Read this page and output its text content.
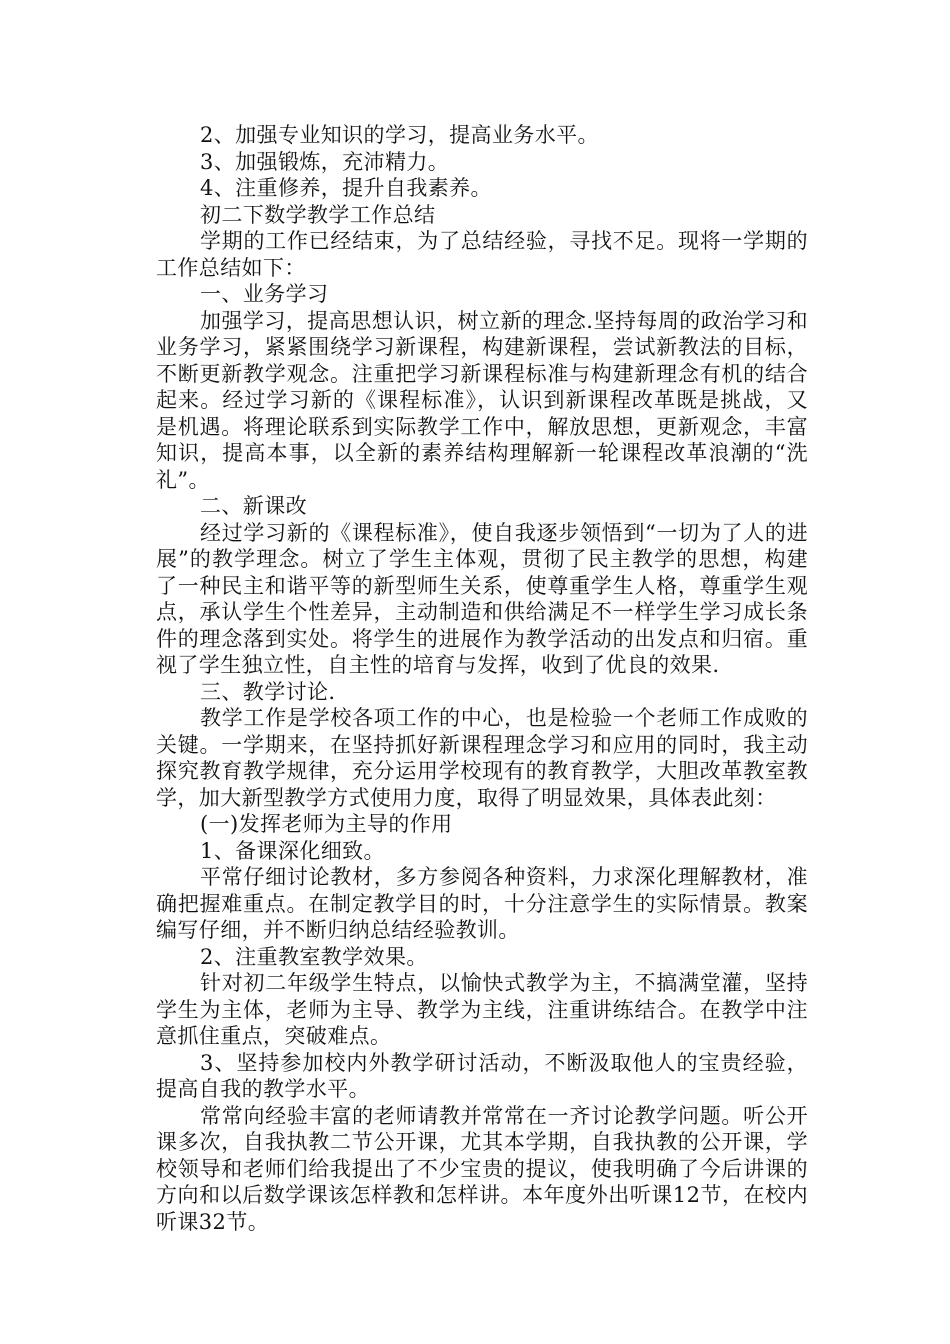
2、加强专业知识的学习，提高业务水平。

3、加强锻炼，充沛精力。

4、注重修养，提升自我素养。

初二下数学教学工作总结

学期的工作已经结束，为了总结经验，寻找不足。现将一学期的工作总结如下：

一、业务学习

加强学习，提高思想认识，树立新的理念.坚持每周的政治学习和业务学习，紧紧围绕学习新课程，构建新课程，尝试新教法的目标，不断更新教学观念。注重把学习新课程标准与构建新理念有机的结合起来。经过学习新的《课程标准》，认识到新课程改革既是挑战，又是机遇。将理论联系到实际教学工作中，解放思想，更新观念，丰富知识，提高本事，以全新的素养结构理解新一轮课程改革浪潮的“洗礼”。

二、新课改

经过学习新的《课程标准》，使自我逐步领悟到“一切为了人的进展”的教学理念。树立了学生主体观，贯彻了民主教学的思想，构建了一种民主和谐平等的新型师生关系，使尊重学生人格，尊重学生观点，承认学生个性差异，主动制造和供给满足不一样学生学习成长条件的理念落到实处。将学生的进展作为教学活动的出发点和归宿。重视了学生独立性，自主性的培育与发挥，收到了优良的效果.

三、教学讨论.

教学工作是学校各项工作的中心，也是检验一个老师工作成败的关键。一学期来，在坚持抓好新课程理念学习和应用的同时，我主动探究教育教学规律，充分运用学校现有的教育教学，大胆改革教室教学，加大新型教学方式使用力度，取得了明显效果，具体表此刻：

(一)发挥老师为主导的作用

1、备课深化细致。

平常仔细讨论教材，多方参阅各种资料，力求深化理解教材，准确把握难重点。在制定教学目的时，十分注意学生的实际情景。教案编写仔细，并不断归纳总结经验教训。

2、注重教室教学效果。

针对初二年级学生特点，以愉快式教学为主，不搞满堂灌，坚持学生为主体，老师为主导、教学为主线，注重讲练结合。在教学中注意抓住重点，突破难点。

3、坚持参加校内外教学研讨活动，不断汲取他人的宝贵经验，提高自我的教学水平。

常常向经验丰富的老师请教并常常在一齐讨论教学问题。听公开课多次，自我执教二节公开课，尤其本学期，自我执教的公开课，学校领导和老师们给我提出了不少宝贵的提议，使我明确了今后讲课的方向和以后数学课该怎样教和怎样讲。本年度外出听课12节，在校内听课32节。
